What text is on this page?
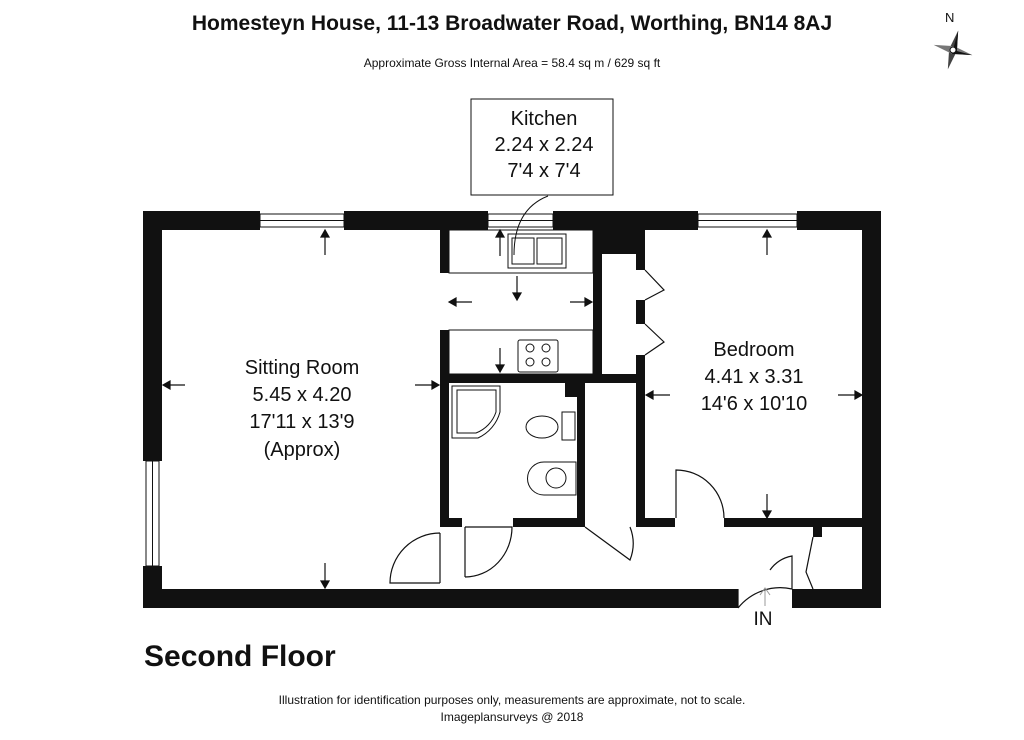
Homesteyn House, 11-13 Broadwater Road, Worthing, BN14 8AJ
Approximate Gross Internal Area = 58.4 sq m / 629 sq ft
N
Kitchen
2.24 x 2.24
7'4 x 7'4
Sitting Room
5.45 x 4.20
17'11 x 13'9
(Approx)
Bedroom
4.41 x 3.31
14'6 x 10'10
IN
Second Floor
Illustration for identification purposes only, measurements are approximate, not to scale.
Imageplansurveys @ 2018
